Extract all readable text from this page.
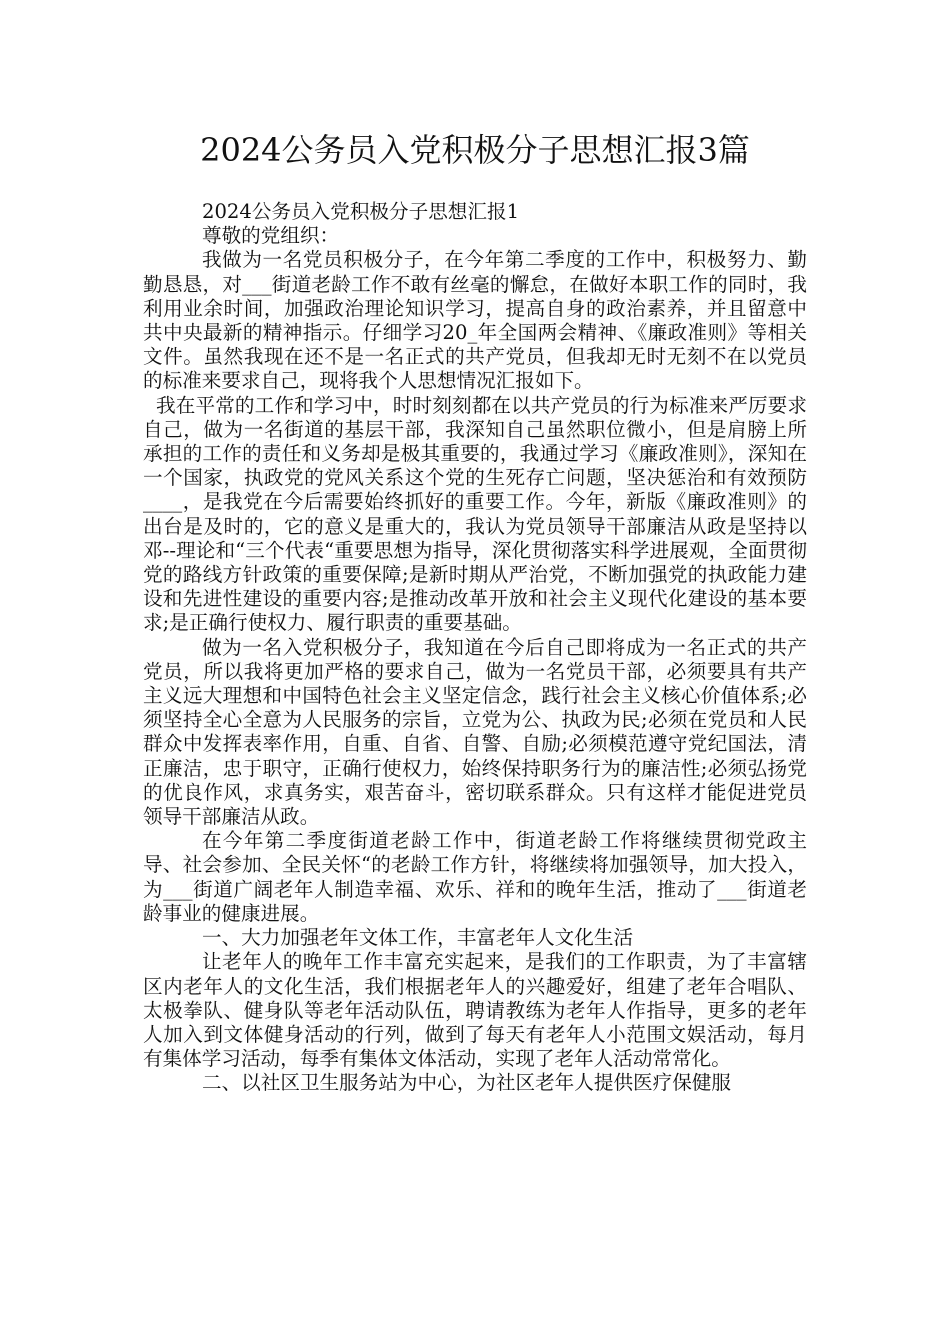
2024公务员入党积极分子思想汇报3篇

2024公务员入党积极分子思想汇报1

尊敬的党组织：

我做为一名党员积极分子，在今年第二季度的工作中，积极努力、勤勤恳恳，对___街道老龄工作不敢有丝毫的懈怠，在做好本职工作的同时，我利用业余时间，加强政治理论知识学习，提高自身的政治素养，并且留意中共中央最新的精神指示。仔细学习20_年全国两会精神、《廉政准则》等相关文件。虽然我现在还不是一名正式的共产党员，但我却无时无刻不在以党员的标准来要求自己，现将我个人思想情况汇报如下。

我在平常的工作和学习中，时时刻刻都在以共产党员的行为标准来严厉要求自己，做为一名街道的基层干部，我深知自己虽然职位微小，但是肩膀上所承担的工作的责任和义务却是极其重要的，我通过学习《廉政准则》，深知在一个国家，执政党的党风关系这个党的生死存亡问题，坚决惩治和有效预防____，是我党在今后需要始终抓好的重要工作。今年，新版《廉政准则》的出台是及时的，它的意义是重大的，我认为党员领导干部廉洁从政是坚持以邓--理论和“三个代表“重要思想为指导，深化贯彻落实科学进展观，全面贯彻党的路线方针政策的重要保障;是新时期从严治党，不断加强党的执政能力建设和先进性建设的重要内容;是推动改革开放和社会主义现代化建设的基本要求;是正确行使权力、履行职责的重要基础。

做为一名入党积极分子，我知道在今后自己即将成为一名正式的共产党员，所以我将更加严格的要求自己，做为一名党员干部，必须要具有共产主义远大理想和中国特色社会主义坚定信念，践行社会主义核心价值体系;必须坚持全心全意为人民服务的宗旨，立党为公、执政为民;必须在党员和人民群众中发挥表率作用，自重、自省、自警、自励;必须模范遵守党纪国法，清正廉洁，忠于职守，正确行使权力，始终保持职务行为的廉洁性;必须弘扬党的优良作风，求真务实，艰苦奋斗，密切联系群众。只有这样才能促进党员领导干部廉洁从政。

在今年第二季度街道老龄工作中，街道老龄工作将继续贯彻党政主导、社会参加、全民关怀“的老龄工作方针，将继续将加强领导，加大投入，为___街道广阔老年人制造幸福、欢乐、祥和的晚年生活，推动了___街道老龄事业的健康进展。

一、大力加强老年文体工作，丰富老年人文化生活

让老年人的晚年工作丰富充实起来，是我们的工作职责，为了丰富辖区内老年人的文化生活，我们根据老年人的兴趣爱好，组建了老年合唱队、太极拳队、健身队等老年活动队伍，聘请教练为老年人作指导，更多的老年人加入到文体健身活动的行列，做到了每天有老年人小范围文娱活动，每月有集体学习活动，每季有集体文体活动，实现了老年人活动常常化。

二、以社区卫生服务站为中心，为社区老年人提供医疗保健服
